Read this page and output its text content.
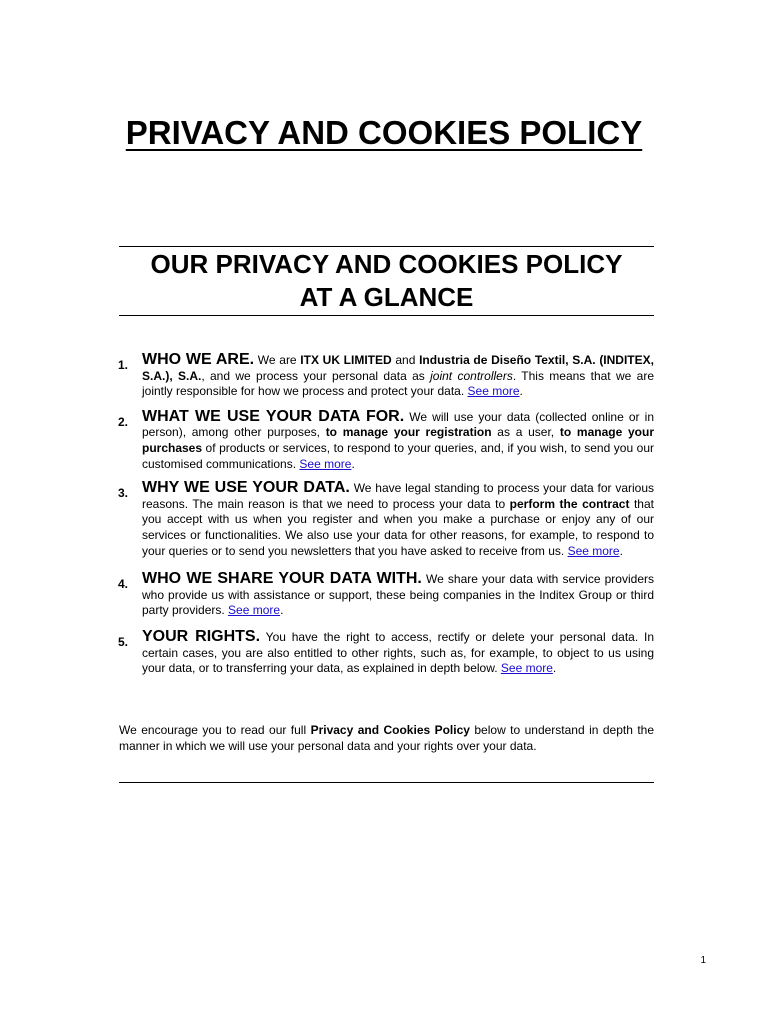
PRIVACY AND COOKIES POLICY
OUR PRIVACY AND COOKIES POLICY
AT A GLANCE
1. WHO WE ARE. We are ITX UK LIMITED and Industria de Diseño Textil, S.A. (INDITEX, S.A.), S.A., and we process your personal data as joint controllers. This means that we are jointly responsible for how we process and protect your data. See more.
2. WHAT WE USE YOUR DATA FOR. We will use your data (collected online or in person), among other purposes, to manage your registration as a user, to manage your purchases of products or services, to respond to your queries, and, if you wish, to send you our customised communications. See more.
3. WHY WE USE YOUR DATA. We have legal standing to process your data for various reasons. The main reason is that we need to process your data to perform the contract that you accept with us when you register and when you make a purchase or enjoy any of our services or functionalities. We also use your data for other reasons, for example, to respond to your queries or to send you newsletters that you have asked to receive from us. See more.
4. WHO WE SHARE YOUR DATA WITH. We share your data with service providers who provide us with assistance or support, these being companies in the Inditex Group or third party providers. See more.
5. YOUR RIGHTS. You have the right to access, rectify or delete your personal data. In certain cases, you are also entitled to other rights, such as, for example, to object to us using your data, or to transferring your data, as explained in depth below. See more.

We encourage you to read our full Privacy and Cookies Policy below to understand in depth the manner in which we will use your personal data and your rights over your data.

1
